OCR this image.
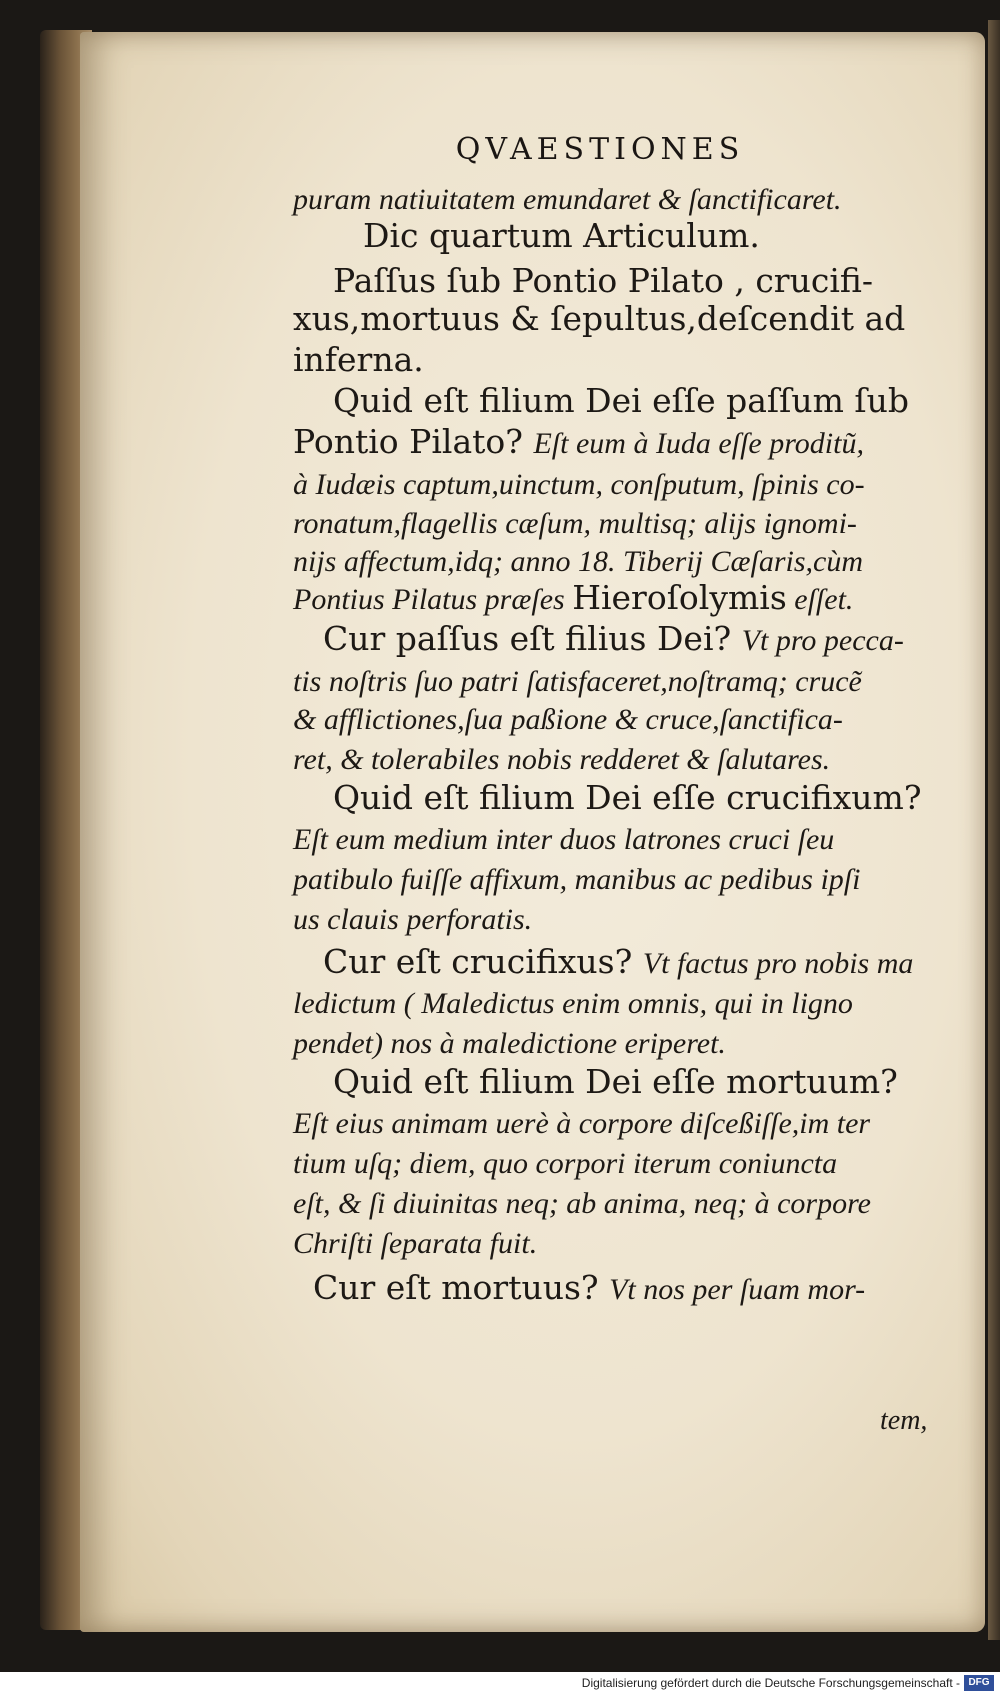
QVAESTIONES
puram natiuitatem emundaret & ſanctificaret.
Dic quartum Articulum.
Paſſus ſub Pontio Pilato , crucifi-
xus,mortuus & ſepultus,deſcendit ad
inferna.
Quid eſt filium Dei eſſe paſſum ſub
Pontio Pilato? Eſt eum à Iuda eſſe proditũ,
à Iudæis captum,uinctum, conſputum, ſpinis co-
ronatum,flagellis cæſum, multisq; alijs ignomi-
nijs affectum,idq; anno 18. Tiberij Cæſaris,cùm
Pontius Pilatus præſes Hieroſolymis eſſet.
Cur paſſus eſt filius Dei? Vt pro pecca-
tis noſtris ſuo patri ſatisfaceret,noſtramq; crucẽ
& afflictiones,ſua paßione & cruce,ſanctifica-
ret, & tolerabiles nobis redderet & ſalutares.
Quid eſt filium Dei eſſe crucifixum?
Eſt eum medium inter duos latrones cruci ſeu
patibulo fuiſſe affixum, manibus ac pedibus ipſi
us clauis perforatis.
Cur eſt crucifixus? Vt factus pro nobis ma
ledictum ( Maledictus enim omnis, qui in ligno
pendet) nos à maledictione eriperet.
Quid eſt filium Dei eſſe mortuum?
Eſt eius animam uerè à corpore diſceßiſſe,im ter
tium uſq; diem, quo corpori iterum coniuncta
eſt, & ſi diuinitas neq; ab anima, neq; à corpore
Chriſti ſeparata fuit.
Cur eſt mortuus? Vt nos per ſuam mor-
tem,
Digitalisierung gefördert durch die Deutsche Forschungsgemeinschaft - DFG
